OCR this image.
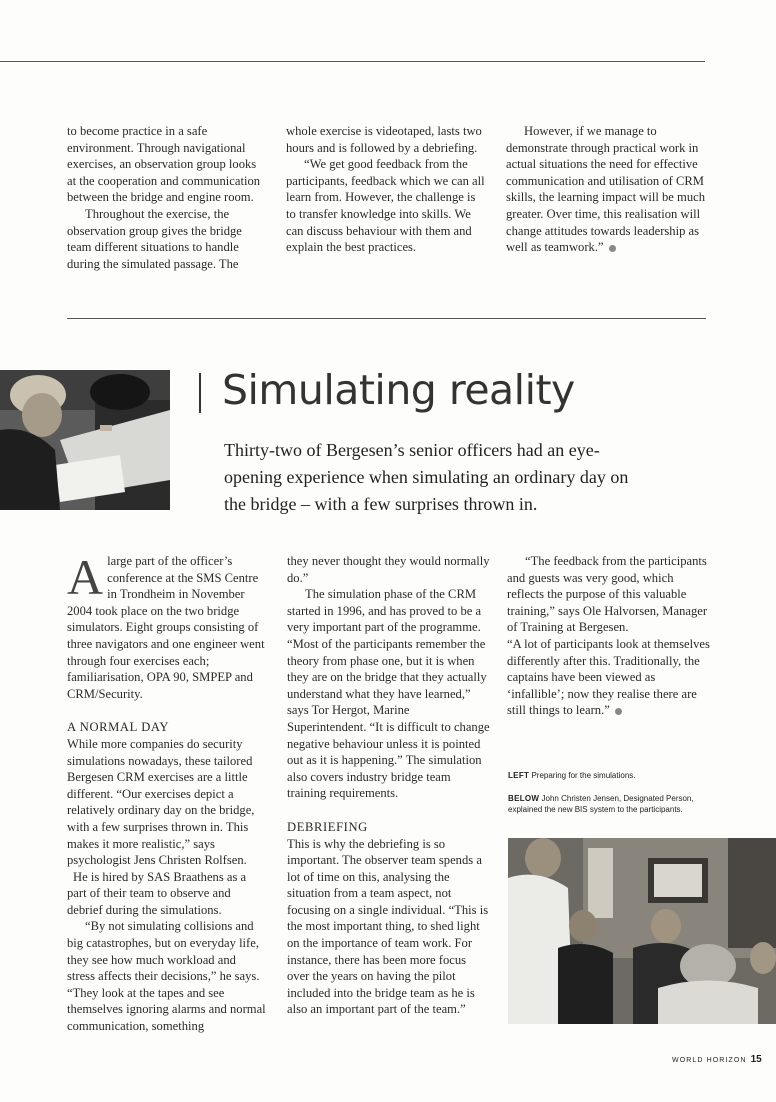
to become practice in a safe environment. Through navigational exercises, an observation group looks at the cooperation and communication between the bridge and engine room.

Throughout the exercise, the observation group gives the bridge team different situations to handle during the simulated passage. The

whole exercise is videotaped, lasts two hours and is followed by a debriefing.

“We get good feedback from the participants, feedback which we can all learn from. However, the challenge is to transfer knowledge into skills. We can discuss behaviour with them and explain the best practices.

However, if we manage to demonstrate through practical work in actual situations the need for effective communication and utilisation of CRM skills, the learning impact will be much greater. Over time, this realisation will change attitudes towards leadership as well as teamwork.”

Simulating reality

Thirty-two of Bergesen’s senior officers had an eye-opening experience when simulating an ordinary day on the bridge – with a few surprises thrown in.

Alarge part of the officer’s conference at the SMS Centre in Trondheim in November 2004 took place on the two bridge simulators. Eight groups consisting of three navigators and one engineer went through four exercises each; familiarisation, OPA 90, SMPEP and CRM/Security.

A NORMAL DAY

While more companies do security simulations nowadays, these tailored Bergesen CRM exercises are a little different. “Our exercises depict a relatively ordinary day on the bridge, with a few surprises thrown in. This makes it more realistic,” says psychologist Jens Christen Rolfsen.

He is hired by SAS Braathens as a part of their team to observe and debrief during the simulations.

“By not simulating collisions and big catastrophes, but on everyday life, they see how much workload and stress affects their decisions,” he says. “They look at the tapes and see themselves ignoring alarms and normal communication, something

they never thought they would normally do.”

The simulation phase of the CRM started in 1996, and has proved to be a very important part of the programme.

“Most of the participants remember the theory from phase one, but it is when they are on the bridge that they actually understand what they have learned,” says Tor Hergot, Marine Superintendent. “It is difficult to change negative behaviour unless it is pointed out as it is happening.” The simulation also covers industry bridge team training requirements.

DEBRIEFING

This is why the debriefing is so important. The observer team spends a lot of time on this, analysing the situation from a team aspect, not focusing on a single individual. “This is the most important thing, to shed light on the importance of team work. For instance, there has been more focus over the years on having the pilot included into the bridge team as he is also an important part of the team.”

“The feedback from the participants and guests was very good, which reflects the purpose of this valuable training,” says Ole Halvorsen, Manager of Training at Bergesen.

“A lot of participants look at themselves differently after this. Traditionally, the captains have been viewed as ‘infallible’; now they realise there are still things to learn.”

LEFT Preparing for the simulations.

BELOW John Christen Jensen, Designated Person, explained the new BIS system to the participants.

WORLD HORIZON 15
